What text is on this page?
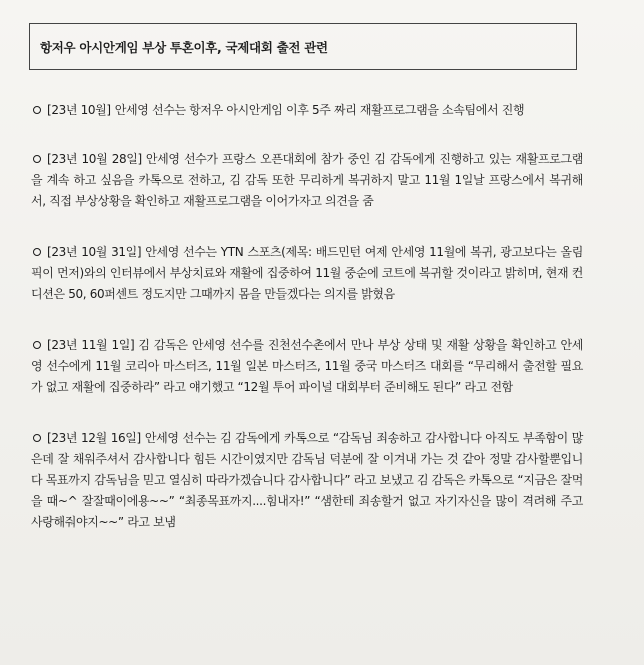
항저우 아시안게임 부상 투혼이후, 국제대회 출전 관련

[23년 10월] 안세영 선수는 항저우 아시안게임 이후 5주 짜리 재활프로그램을 소속팀에서 진행

[23년 10월 28일] 안세영 선수가 프랑스 오픈대회에 참가 중인 김 감독에게 진행하고 있는 재활프로그램을 계속 하고 싶음을 카톡으로 전하고, 김 감독 또한 무리하게 복귀하지 말고 11월 1일날 프랑스에서 복귀해서, 직접 부상상황을 확인하고 재활프로그램을 이어가자고 의견을 줌

[23년 10월 31일] 안세영 선수는 YTN 스포츠(제목: 배드민턴 여제 안세영 11월에 복귀, 광고보다는 올림픽이 먼저)와의 인터뷰에서 부상치료와 재활에 집중하여 11월 중순에 코트에 복귀할 것이라고 밝히며, 현재 컨디션은 50, 60퍼센트 정도지만 그때까지 몸을 만들겠다는 의지를 밝혔음

[23년 11월 1일] 김 감독은 안세영 선수를 진천선수촌에서 만나 부상 상태 및 재활 상황을 확인하고 안세영 선수에게 11월 코리아 마스터즈, 11월 일본 마스터즈, 11월 중국 마스터즈 대회를 “무리해서 출전할 필요가 없고 재활에 집중하라” 라고 얘기했고 “12월 투어 파이널 대회부터 준비해도 된다” 라고 전함

[23년 12월 16일] 안세영 선수는 김 감독에게 카톡으로 “감독님 죄송하고 감사합니다 아직도 부족함이 많은데 잘 채워주셔서 감사합니다 힘든 시간이였지만 감독님 덕분에 잘 이겨내 가는 것 같아 정말 감사할뿐입니다 목표까지 감독님을 믿고 열심히 따라가겠습니다 감사합니다” 라고 보냈고 김 감독은 카톡으로 “지금은 잘먹을 때~^ 잘잘때이에용~~” “최종목표까지....힘내자!” “샘한테 죄송할거 없고 자기자신을 많이 격려해 주고 사랑해줘야지~~” 라고 보냄
